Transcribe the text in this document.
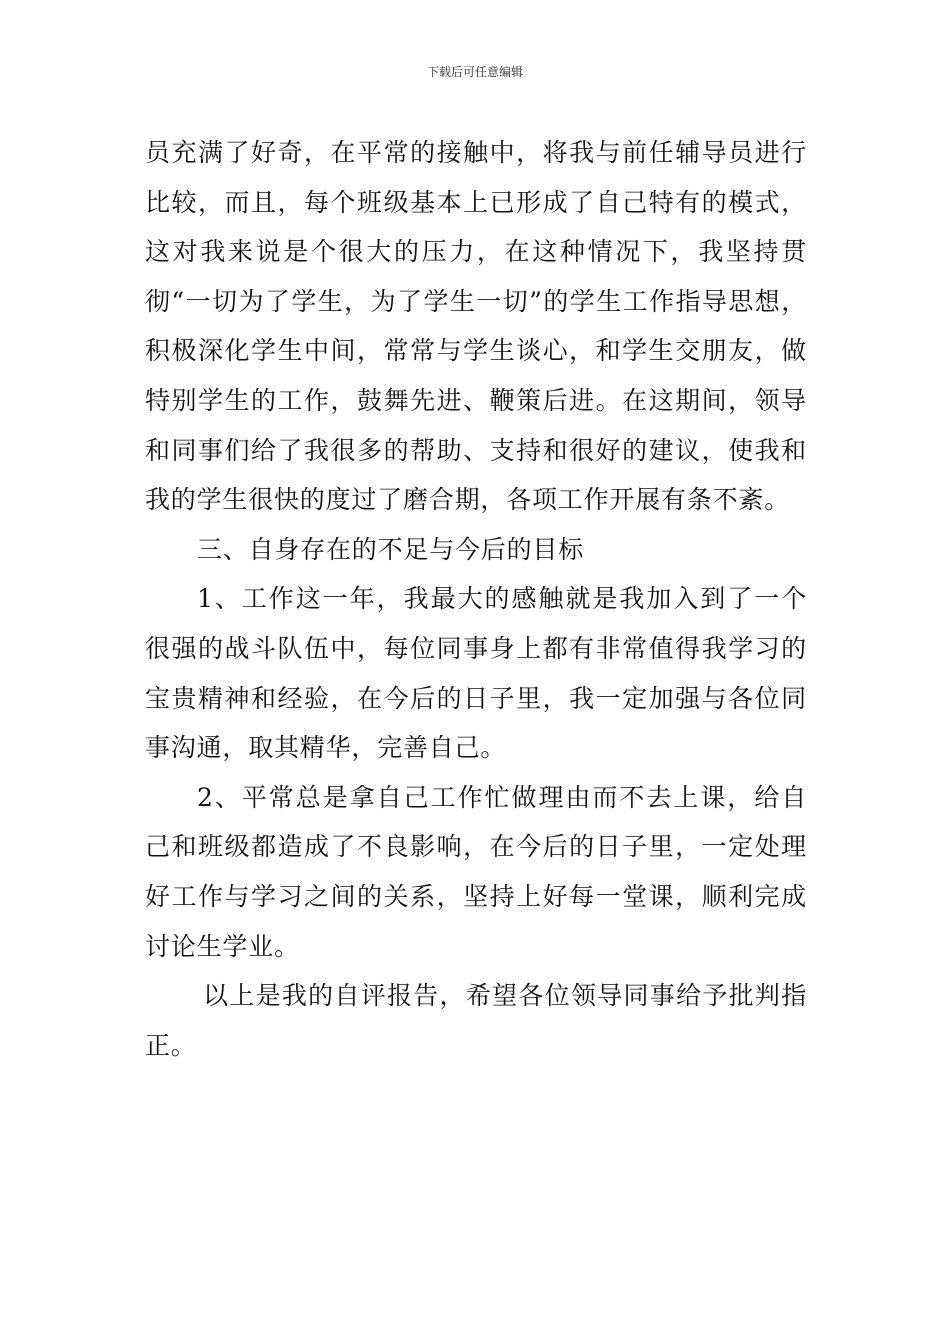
下载后可任意编辑

员充满了好奇，在平常的接触中，将我与前任辅导员进行比较，而且，每个班级基本上已形成了自己特有的模式，这对我来说是个很大的压力，在这种情况下，我坚持贯彻“一切为了学生，为了学生一切”的学生工作指导思想，积极深化学生中间，常常与学生谈心，和学生交朋友，做特别学生的工作，鼓舞先进、鞭策后进。在这期间，领导和同事们给了我很多的帮助、支持和很好的建议，使我和我的学生很快的度过了磨合期，各项工作开展有条不紊。

三、自身存在的不足与今后的目标

1、工作这一年，我最大的感触就是我加入到了一个很强的战斗队伍中，每位同事身上都有非常值得我学习的宝贵精神和经验，在今后的日子里，我一定加强与各位同事沟通，取其精华，完善自己。

2、平常总是拿自己工作忙做理由而不去上课，给自己和班级都造成了不良影响，在今后的日子里，一定处理好工作与学习之间的关系，坚持上好每一堂课，顺利完成讨论生学业。

以上是我的自评报告，希望各位领导同事给予批判指正。
